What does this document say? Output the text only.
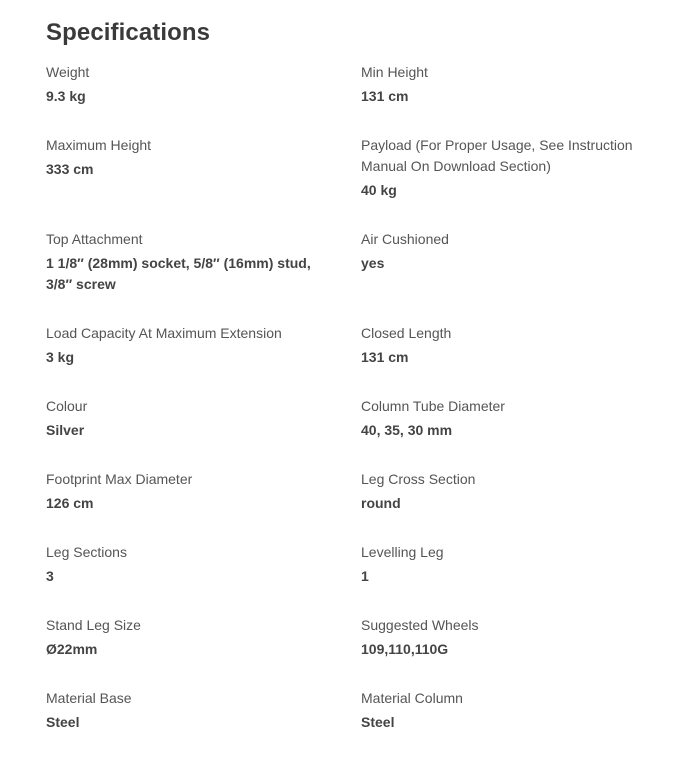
Specifications
Weight
9.3 kg
Min Height
131 cm
Maximum Height
333 cm
Payload (For Proper Usage, See Instruction Manual On Download Section)
40 kg
Top Attachment
1 1/8″ (28mm) socket, 5/8″ (16mm) stud, 3/8″ screw
Air Cushioned
yes
Load Capacity At Maximum Extension
3 kg
Closed Length
131 cm
Colour
Silver
Column Tube Diameter
40, 35, 30 mm
Footprint Max Diameter
126 cm
Leg Cross Section
round
Leg Sections
3
Levelling Leg
1
Stand Leg Size
Ø22mm
Suggested Wheels
109,110,110G
Material Base
Steel
Material Column
Steel
